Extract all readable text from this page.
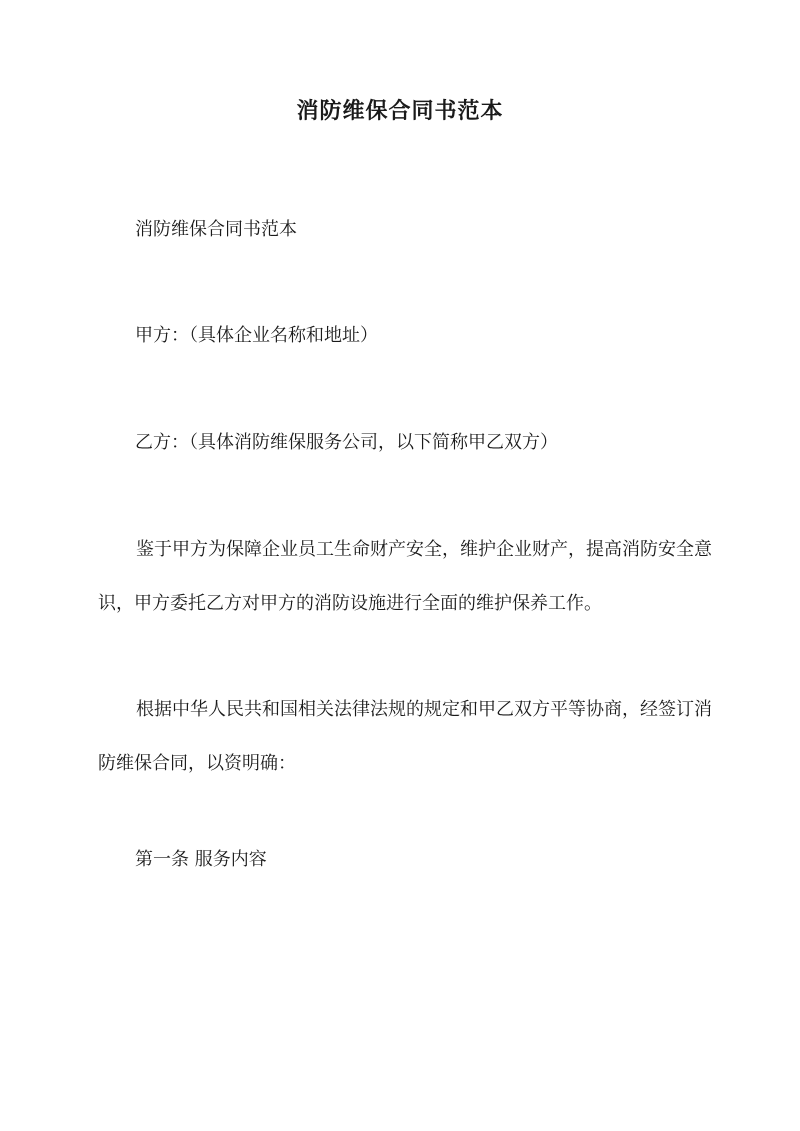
消防维保合同书范本

消防维保合同书范本

甲方：（具体企业名称和地址）

乙方：（具体消防维保服务公司，以下简称甲乙双方）

鉴于甲方为保障企业员工生命财产安全，维护企业财产，提高消防安全意识，甲方委托乙方对甲方的消防设施进行全面的维护保养工作。

根据中华人民共和国相关法律法规的规定和甲乙双方平等协商，经签订消防维保合同，以资明确：

第一条 服务内容
